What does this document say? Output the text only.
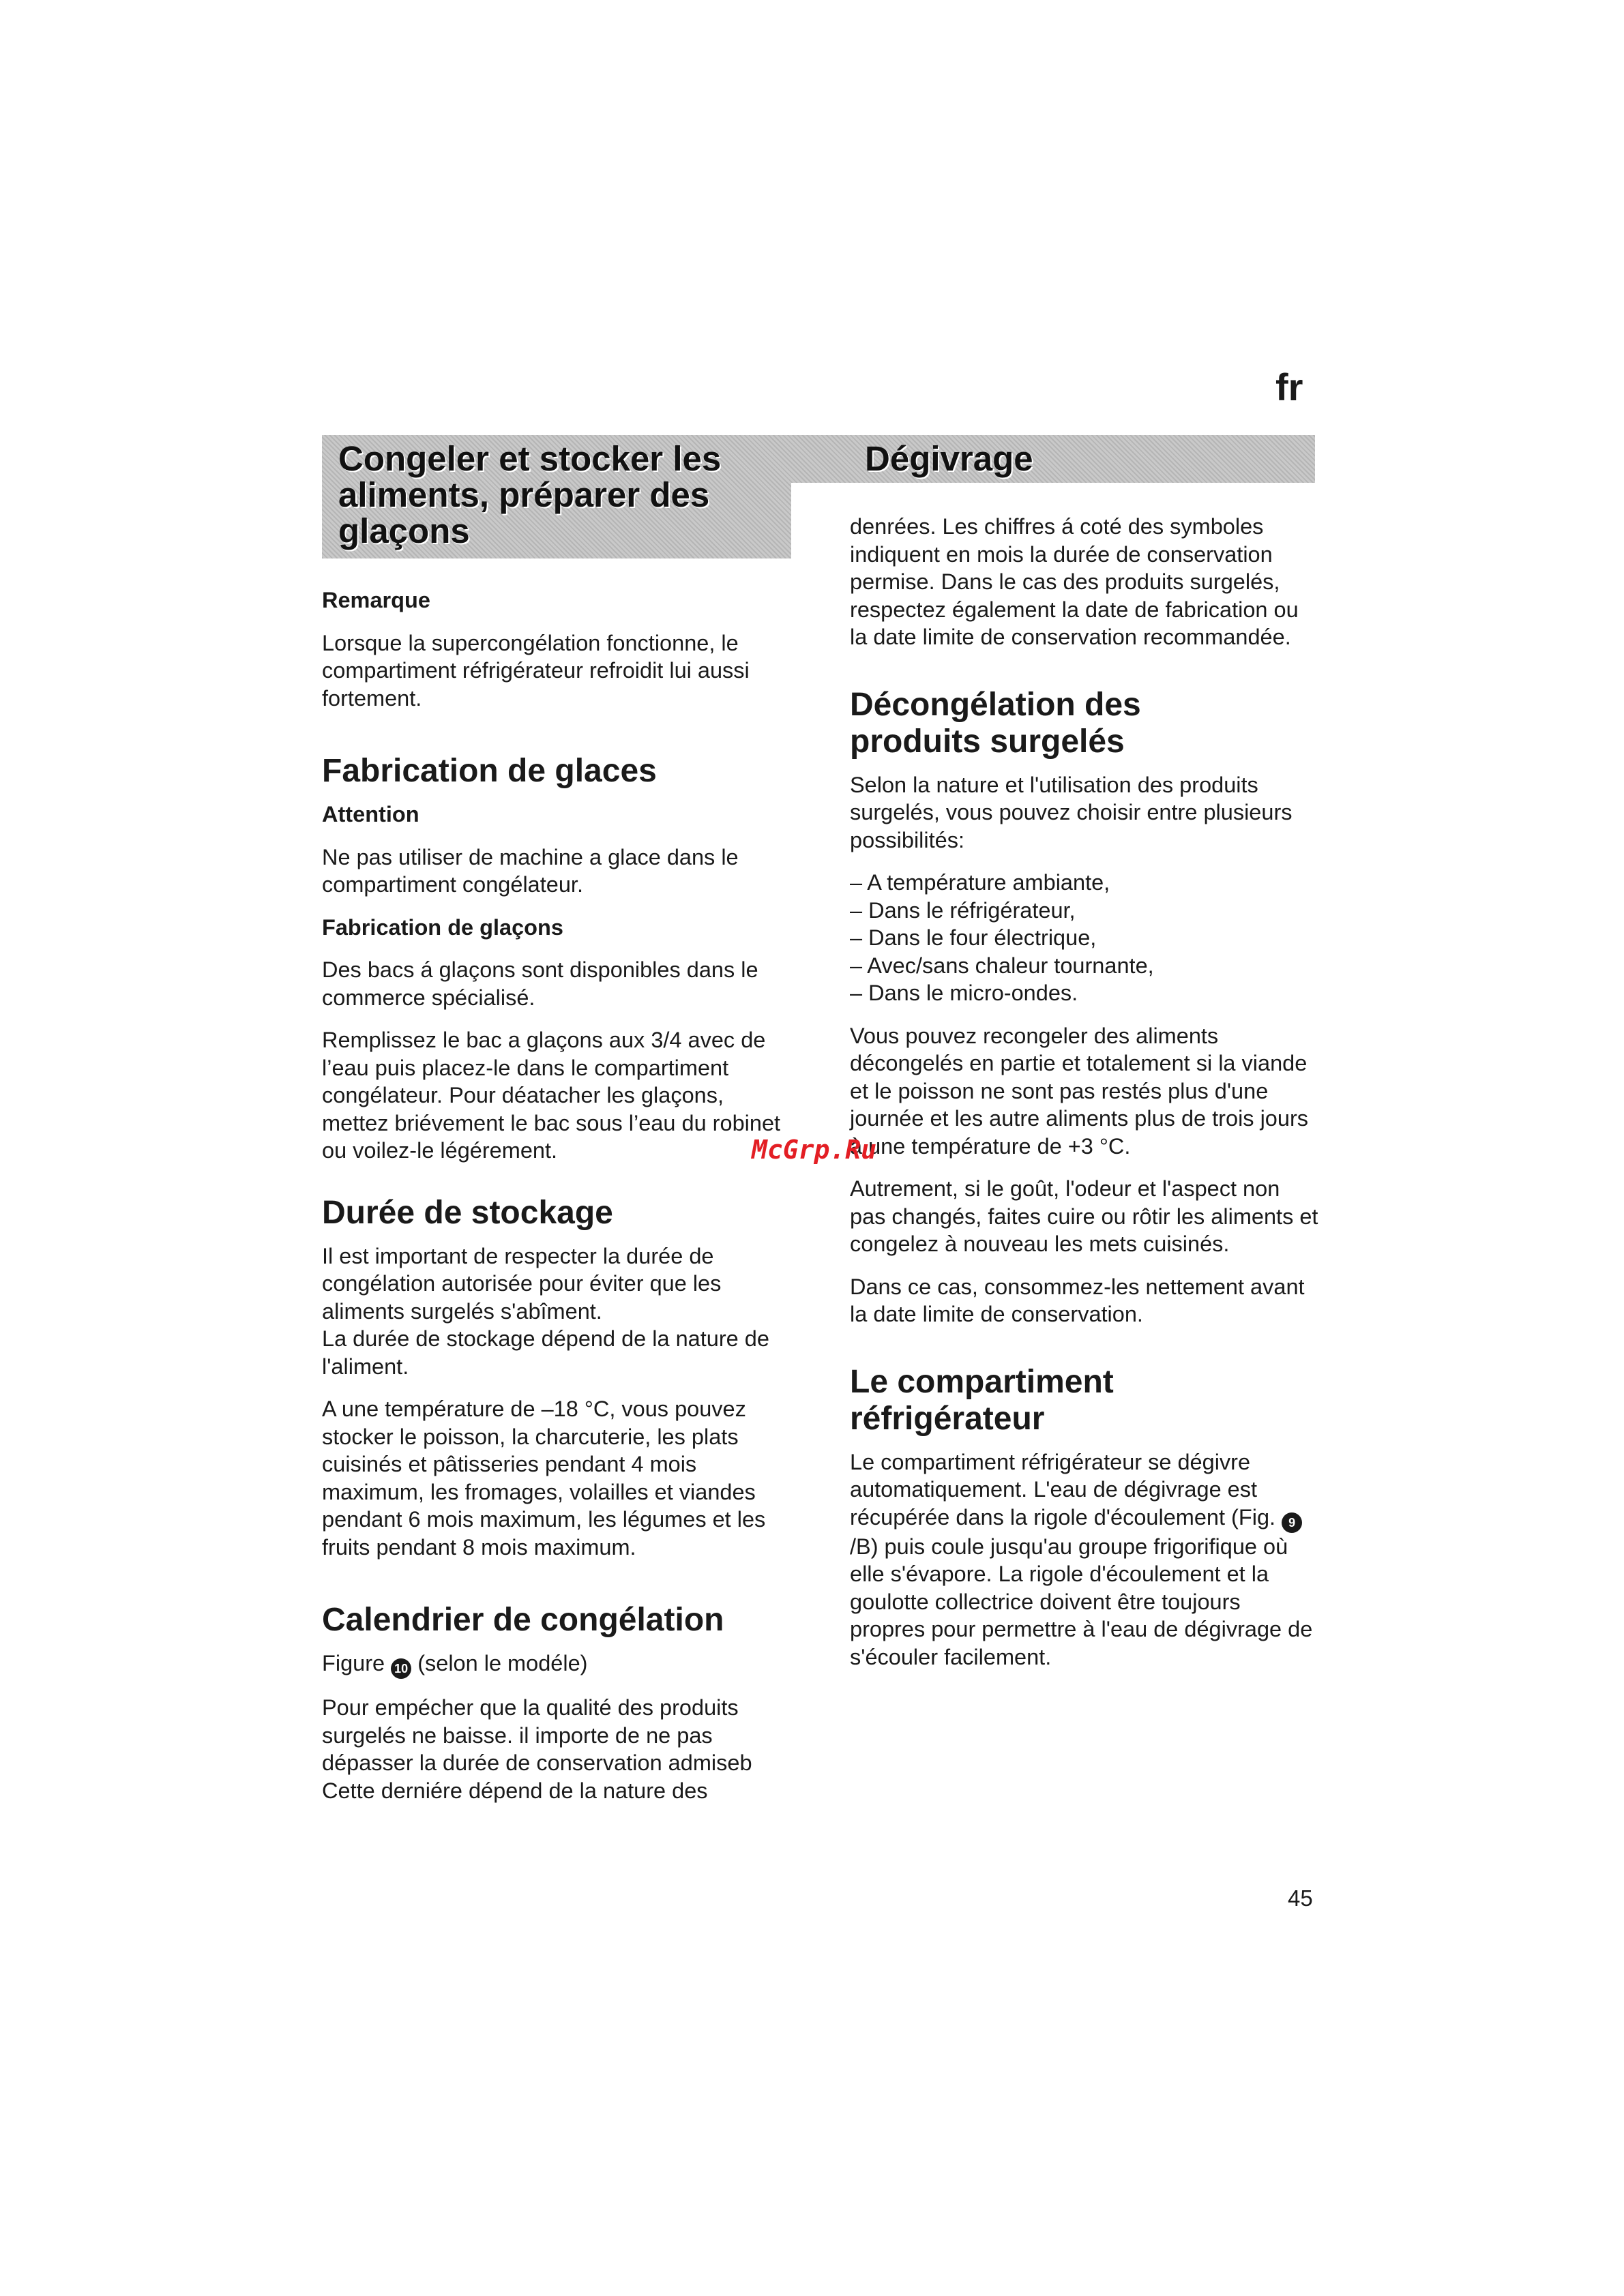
fr
Congeler et stocker les
aliments, préparer des
glaçons
Dégivrage

Remarque

Lorsque la supercongélation fonctionne, le compartiment réfrigérateur refroidit lui aussi fortement.

Fabrication de glaces

Attention

Ne pas utiliser de machine a glace dans le compartiment congélateur.

Fabrication de glaçons

Des bacs á glaçons sont disponibles dans le commerce spécialisé.

Remplissez le bac a glaçons aux 3/4 avec de l’eau puis placez-le dans le compartiment congélateur. Pour déatacher les glaçons, mettez briévement le bac sous l’eau du robinet ou voilez-le légérement.

Durée de stockage

Il est important de respecter la durée de congélation autorisée pour éviter que les aliments surgelés s'abîment.
La durée de stockage dépend de la nature de l'aliment.

A une température de –18 °C, vous pouvez stocker le poisson, la charcuterie, les plats cuisinés et pâtisseries pendant 4 mois maximum, les fromages, volailles et viandes pendant 6 mois maximum, les légumes et les fruits pendant 8 mois maximum.

Calendrier de congélation

Figure 10 (selon le modéle)

Pour empécher que la qualité des produits surgelés ne baisse. il importe de ne pas dépasser la durée de conservation admiseb Cette derniére dépend de la nature des

denrées. Les chiffres á coté des symboles indiquent en mois la durée de conservation permise. Dans le cas des produits surgelés, respectez également la date de fabrication ou la date limite de conservation recommandée.

Décongélation des
produits surgelés

Selon la nature et l'utilisation des produits surgelés, vous pouvez choisir entre plusieurs possibilités:

– A température ambiante,
– Dans le réfrigérateur,
– Dans le four électrique,
– Avec/sans chaleur tournante,
– Dans le micro-ondes.

Vous pouvez recongeler des aliments décongelés en partie et totalement si la viande et le poisson ne sont pas restés plus d'une journée et les autre aliments plus de trois jours à une température de +3 °C.

Autrement, si le goût, l'odeur et l'aspect non pas changés, faites cuire ou rôtir les aliments et congelez à nouveau les mets cuisinés.

Dans ce cas, consommez-les nettement avant la date limite de conservation.

Le compartiment
réfrigérateur

Le compartiment réfrigérateur se dégivre automatiquement. L'eau de dégivrage est récupérée dans la rigole d'écoulement (Fig. 9/B) puis coule jusqu'au groupe frigorifique où elle s'évapore. La rigole d'écoulement et la goulotte collectrice doivent être toujours propres pour permettre à l'eau de dégivrage de s'écouler facilement.

McGrp.Ru
45
